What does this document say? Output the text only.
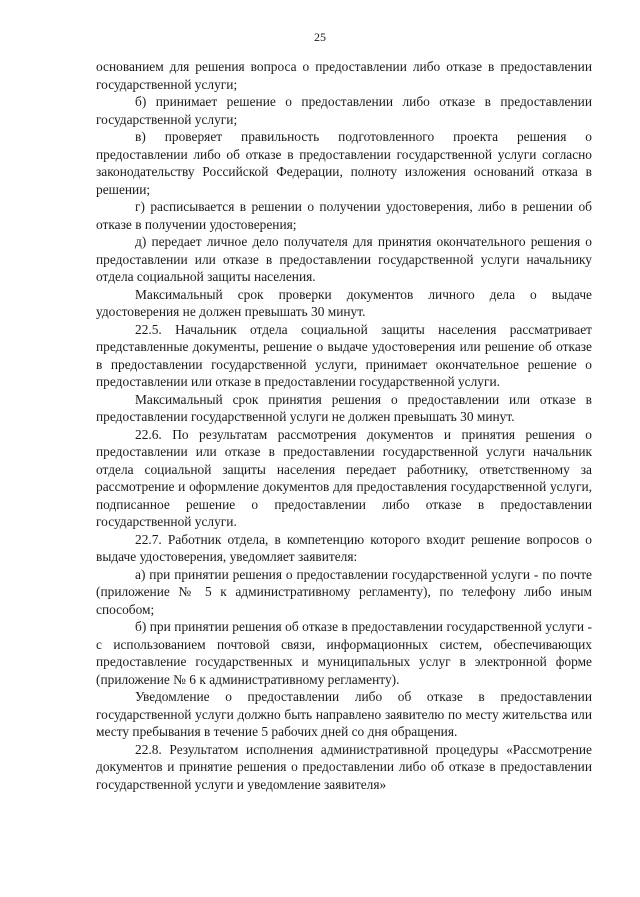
25

основанием для решения вопроса о предоставлении либо отказе в предоставлении государственной услуги;

б) принимает решение о предоставлении либо отказе в предоставлении государственной услуги;

в) проверяет правильность подготовленного проекта решения о предоставлении либо об отказе в предоставлении государственной услуги согласно законодательству Российской Федерации, полноту изложения оснований отказа в решении;

г) расписывается в решении о получении удостоверения, либо в решении об отказе в получении удостоверения;

д) передает личное дело получателя для принятия окончательного решения о предоставлении или отказе в предоставлении государственной услуги начальнику отдела социальной защиты населения.

Максимальный срок проверки документов личного дела о выдаче удостоверения не должен превышать 30 минут.

22.5. Начальник отдела социальной защиты населения рассматривает представленные документы, решение о выдаче удостоверения или решение об отказе в предоставлении государственной услуги, принимает окончательное решение о предоставлении или отказе в предоставлении государственной услуги.

Максимальный срок принятия решения о предоставлении или отказе в предоставлении государственной услуги не должен превышать 30 минут.

22.6. По результатам рассмотрения документов и принятия решения о предоставлении или отказе в предоставлении государственной услуги начальник отдела социальной защиты населения передает работнику, ответственному за рассмотрение и оформление документов для предоставления государственной услуги, подписанное решение о предоставлении либо отказе в предоставлении государственной услуги.

22.7. Работник отдела, в компетенцию которого входит решение вопросов о выдаче удостоверения, уведомляет заявителя:

а) при принятии решения о предоставлении государственной услуги - по почте (приложение № 5 к административному регламенту), по телефону либо иным способом;

б) при принятии решения об отказе в предоставлении государственной услуги - с использованием почтовой связи, информационных систем, обеспечивающих предоставление государственных и муниципальных услуг в электронной форме (приложение № 6 к административному регламенту).

Уведомление о предоставлении либо об отказе в предоставлении государственной услуги должно быть направлено заявителю по месту жительства или месту пребывания в течение 5 рабочих дней со дня обращения.

22.8. Результатом исполнения административной процедуры «Рассмотрение документов и принятие решения о предоставлении либо об отказе в предоставлении государственной услуги и уведомление заявителя»
